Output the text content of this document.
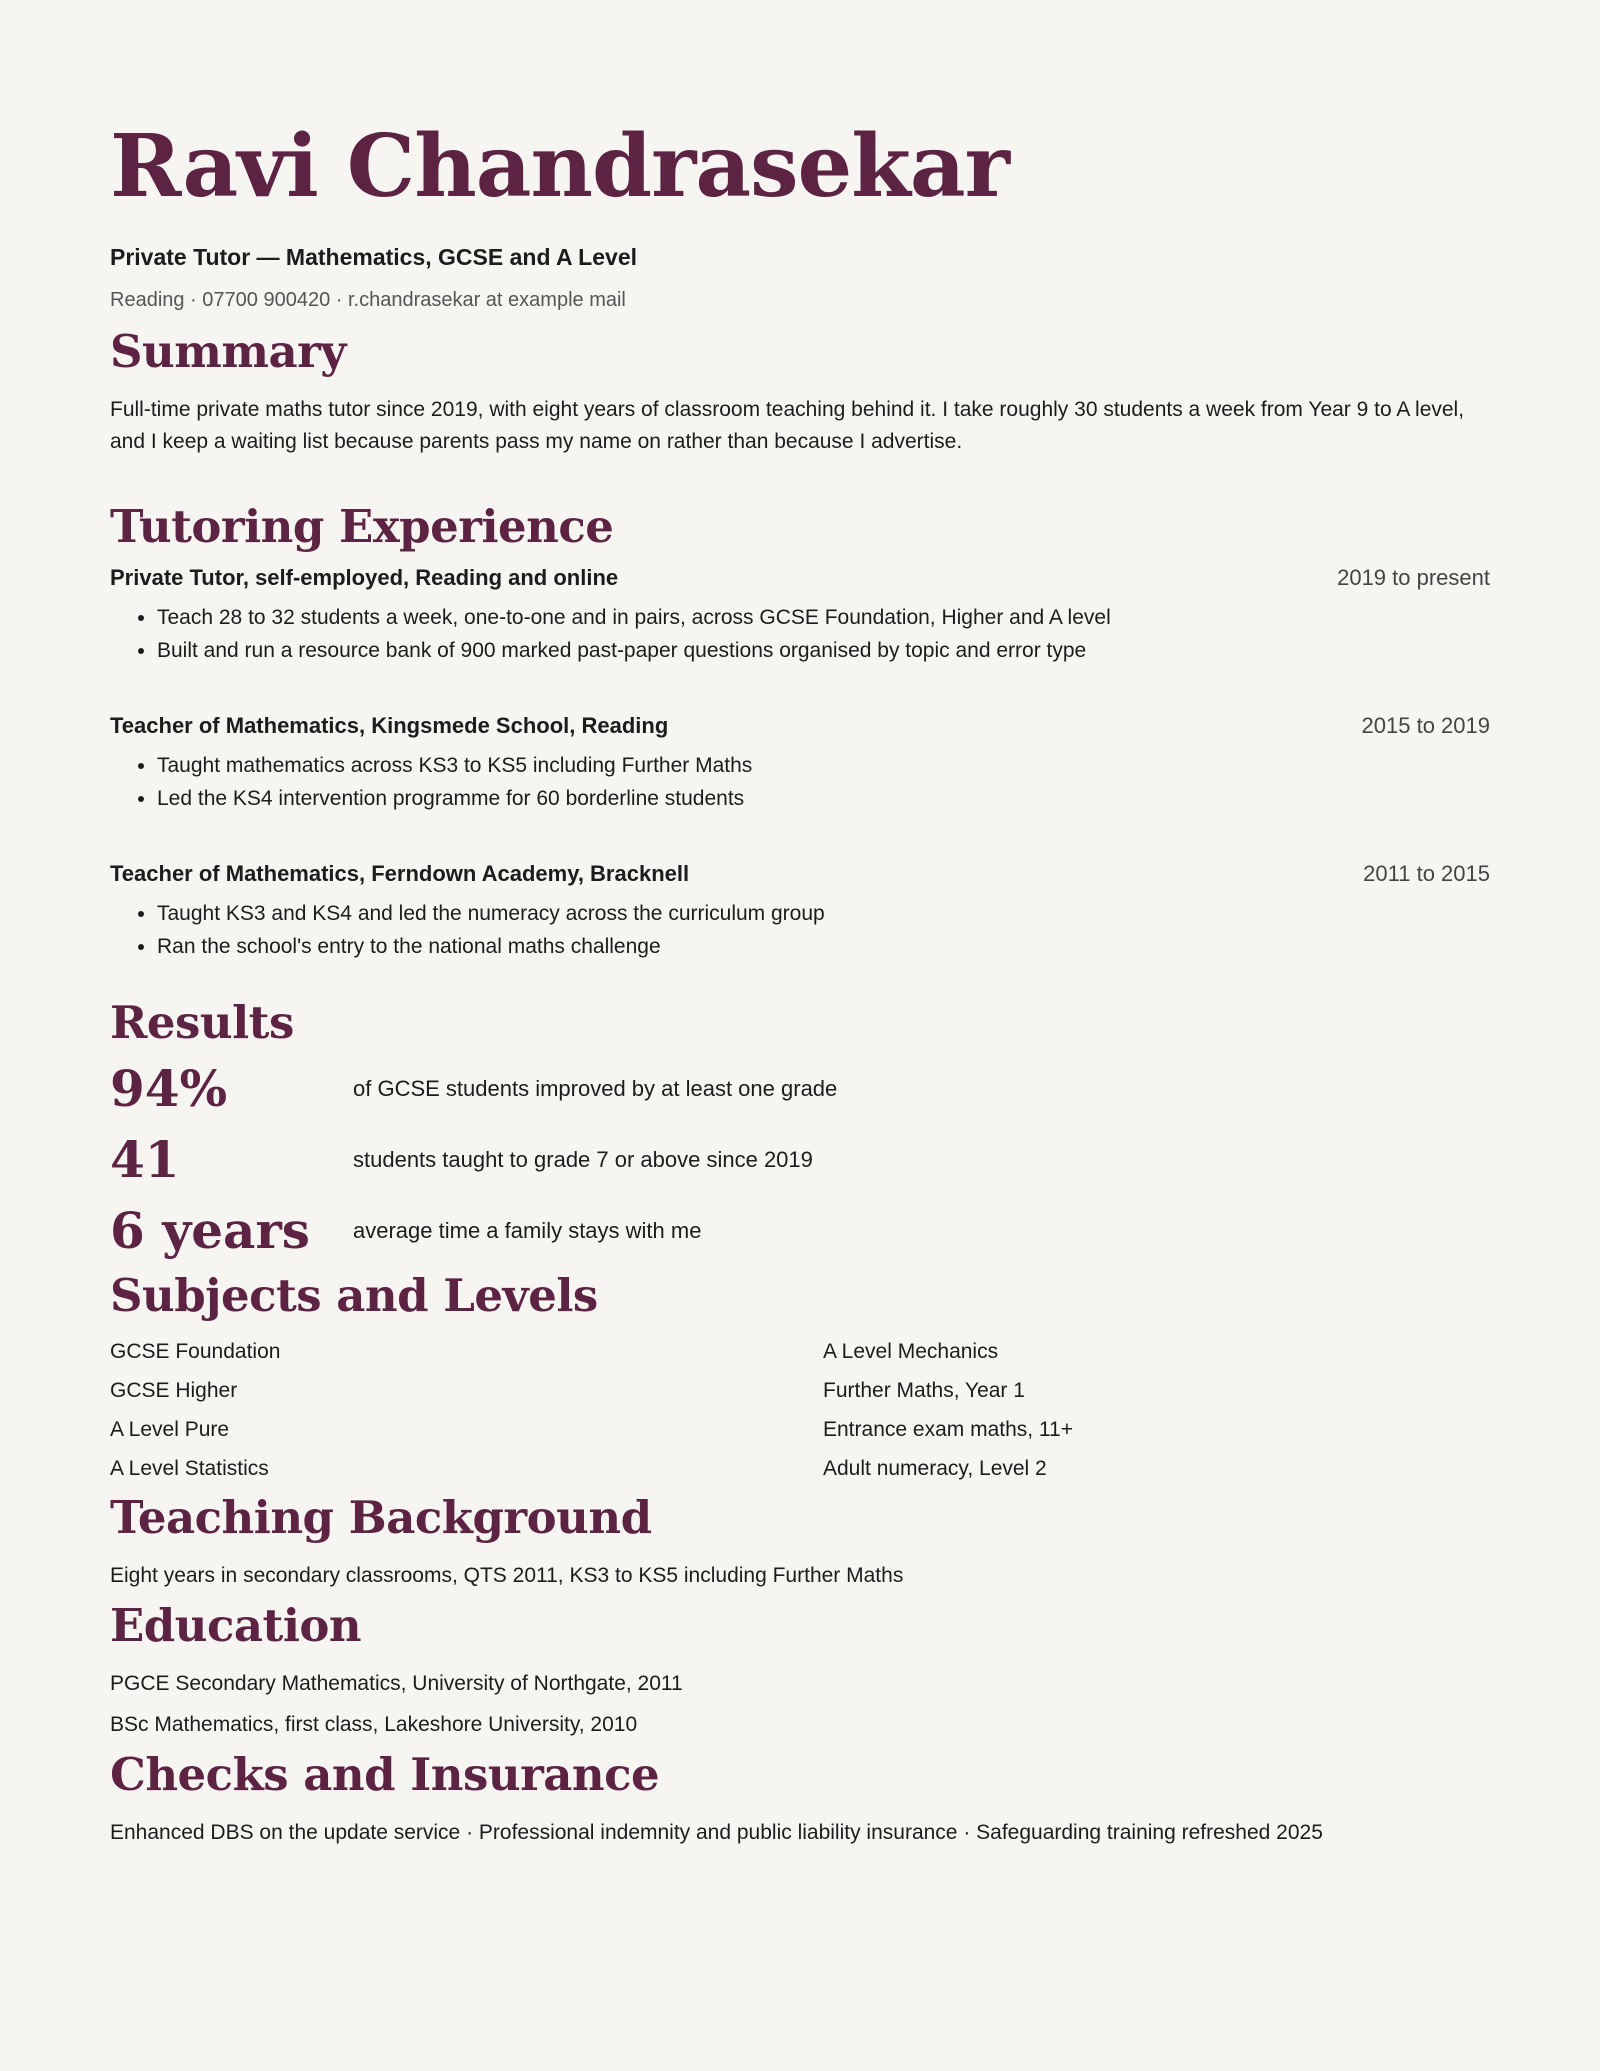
Ravi Chandrasekar
Private Tutor — Mathematics, GCSE and A Level
Reading · 07700 900420 · r.chandrasekar at example mail
Summary

Full-time private maths tutor since 2019, with eight years of classroom teaching behind it. I take roughly 30 students a week from Year 9 to A level, and I keep a waiting list because parents pass my name on rather than because I advertise.

Tutoring Experience
Private Tutor, self-employed, Reading and online	2019 to present
• Teach 28 to 32 students a week, one-to-one and in pairs, across GCSE Foundation, Higher and A level
• Built and run a resource bank of 900 marked past-paper questions organised by topic and error type
Teacher of Mathematics, Kingsmede School, Reading	2015 to 2019
• Taught mathematics across KS3 to KS5 including Further Maths
• Led the KS4 intervention programme for 60 borderline students
Teacher of Mathematics, Ferndown Academy, Bracknell	2011 to 2015
• Taught KS3 and KS4 and led the numeracy across the curriculum group
• Ran the school's entry to the national maths challenge
Results
94%	of GCSE students improved by at least one grade
41	students taught to grade 7 or above since 2019
6 years	average time a family stays with me
Subjects and Levels
GCSE Foundation	A Level Mechanics
GCSE Higher	Further Maths, Year 1
A Level Pure	Entrance exam maths, 11+
A Level Statistics	Adult numeracy, Level 2
Teaching Background

Eight years in secondary classrooms, QTS 2011, KS3 to KS5 including Further Maths

Education

PGCE Secondary Mathematics, University of Northgate, 2011

BSc Mathematics, first class, Lakeshore University, 2010

Checks and Insurance

Enhanced DBS on the update service · Professional indemnity and public liability insurance · Safeguarding training refreshed 2025
